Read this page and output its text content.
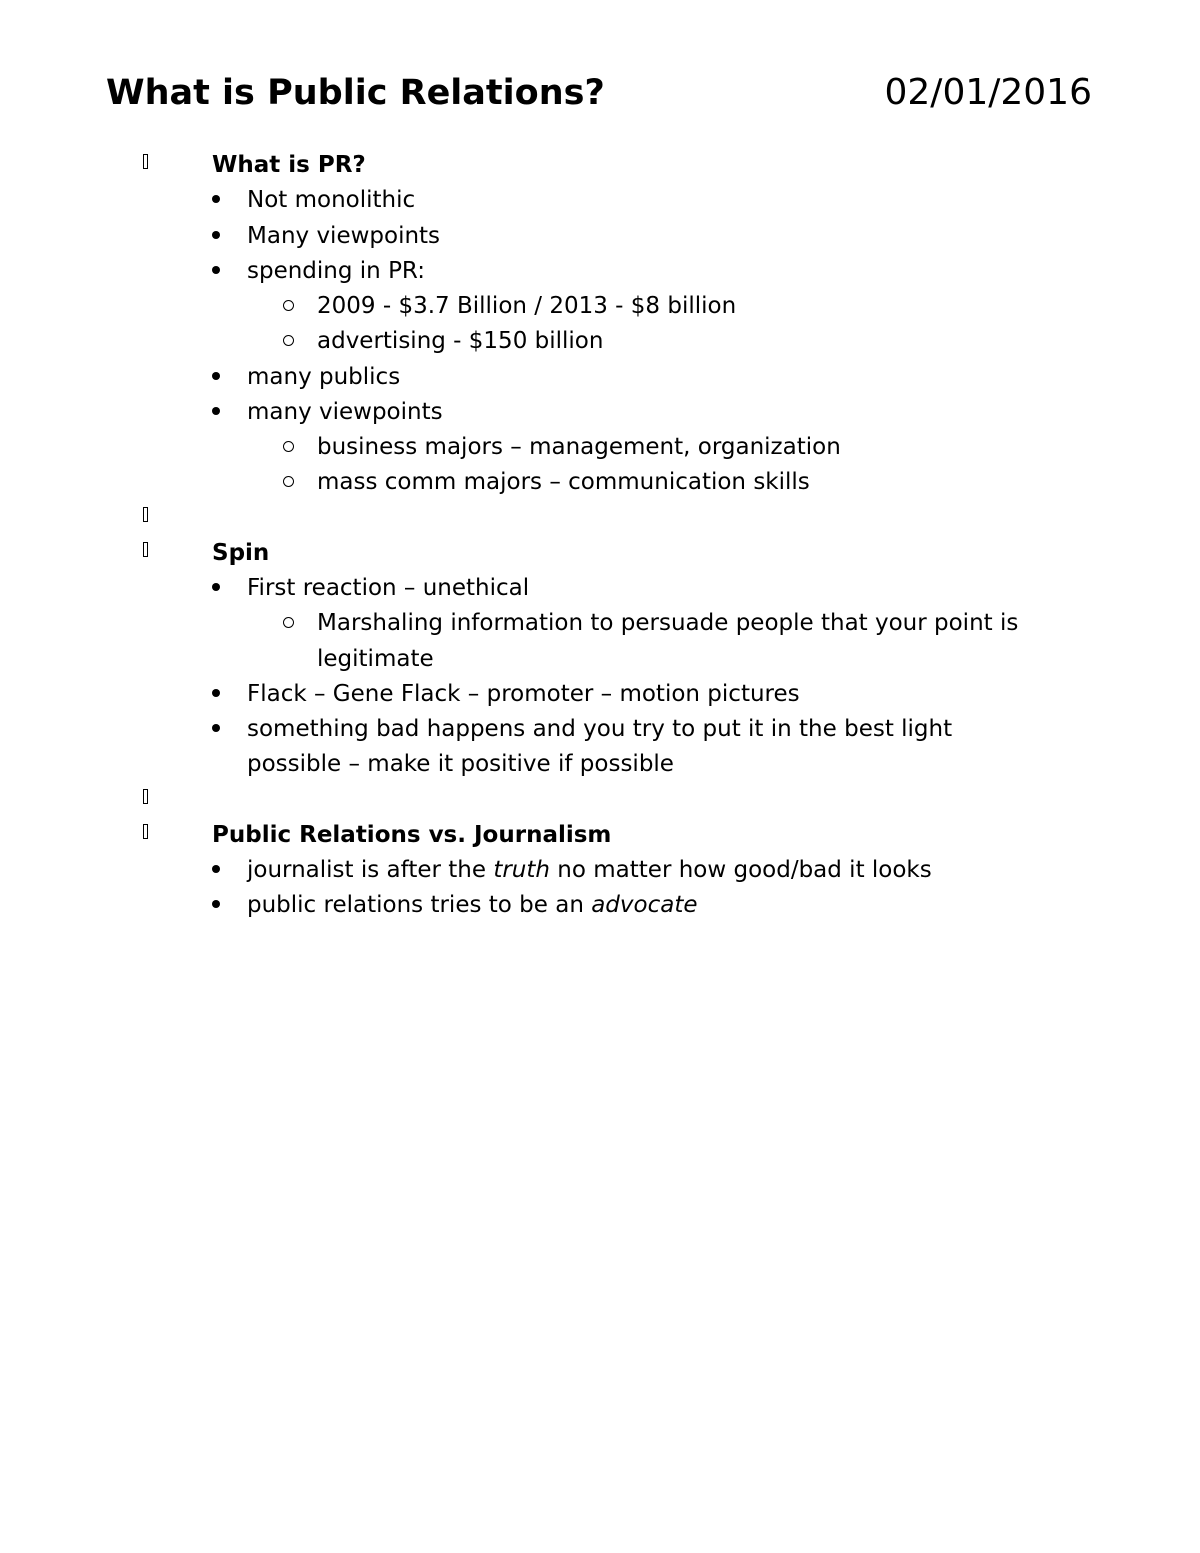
What is Public Relations?	02/01/2016
What is PR?
Not monolithic
Many viewpoints
spending in PR:
2009 - $3.7 Billion / 2013 - $8 billion
advertising - $150 billion
many publics
many viewpoints
business majors – management, organization
mass comm majors – communication skills
Spin
First reaction – unethical
Marshaling information to persuade people that your point is
legitimate
Flack – Gene Flack – promoter – motion pictures
something bad happens and you try to put it in the best light
possible – make it positive if possible
Public Relations vs. Journalism
journalist is after the truth no matter how good/bad it looks
public relations tries to be an advocate
